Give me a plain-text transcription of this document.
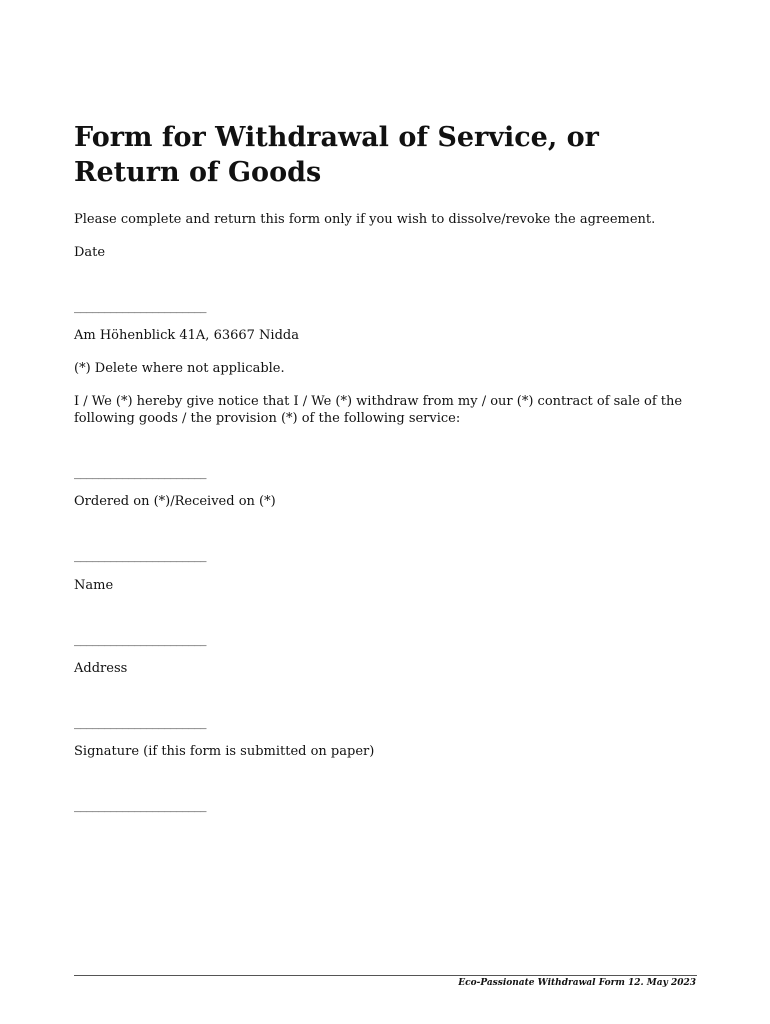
Form for Withdrawal of Service, or Return of Goods

Please complete and return this form only if you wish to dissolve/revoke the agreement.

Date

______________________

Am Höhenblick 41A, 63667 Nidda

(*) Delete where not applicable.

I / We (*) hereby give notice that I / We (*) withdraw from my / our (*) contract of sale of the following goods / the provision (*) of the following service:

______________________

Ordered on (*)/Received on (*)

______________________

Name

______________________

Address

______________________

Signature (if this form is submitted on paper)

______________________

Eco-Passionate Withdrawal Form 12. May 2023
